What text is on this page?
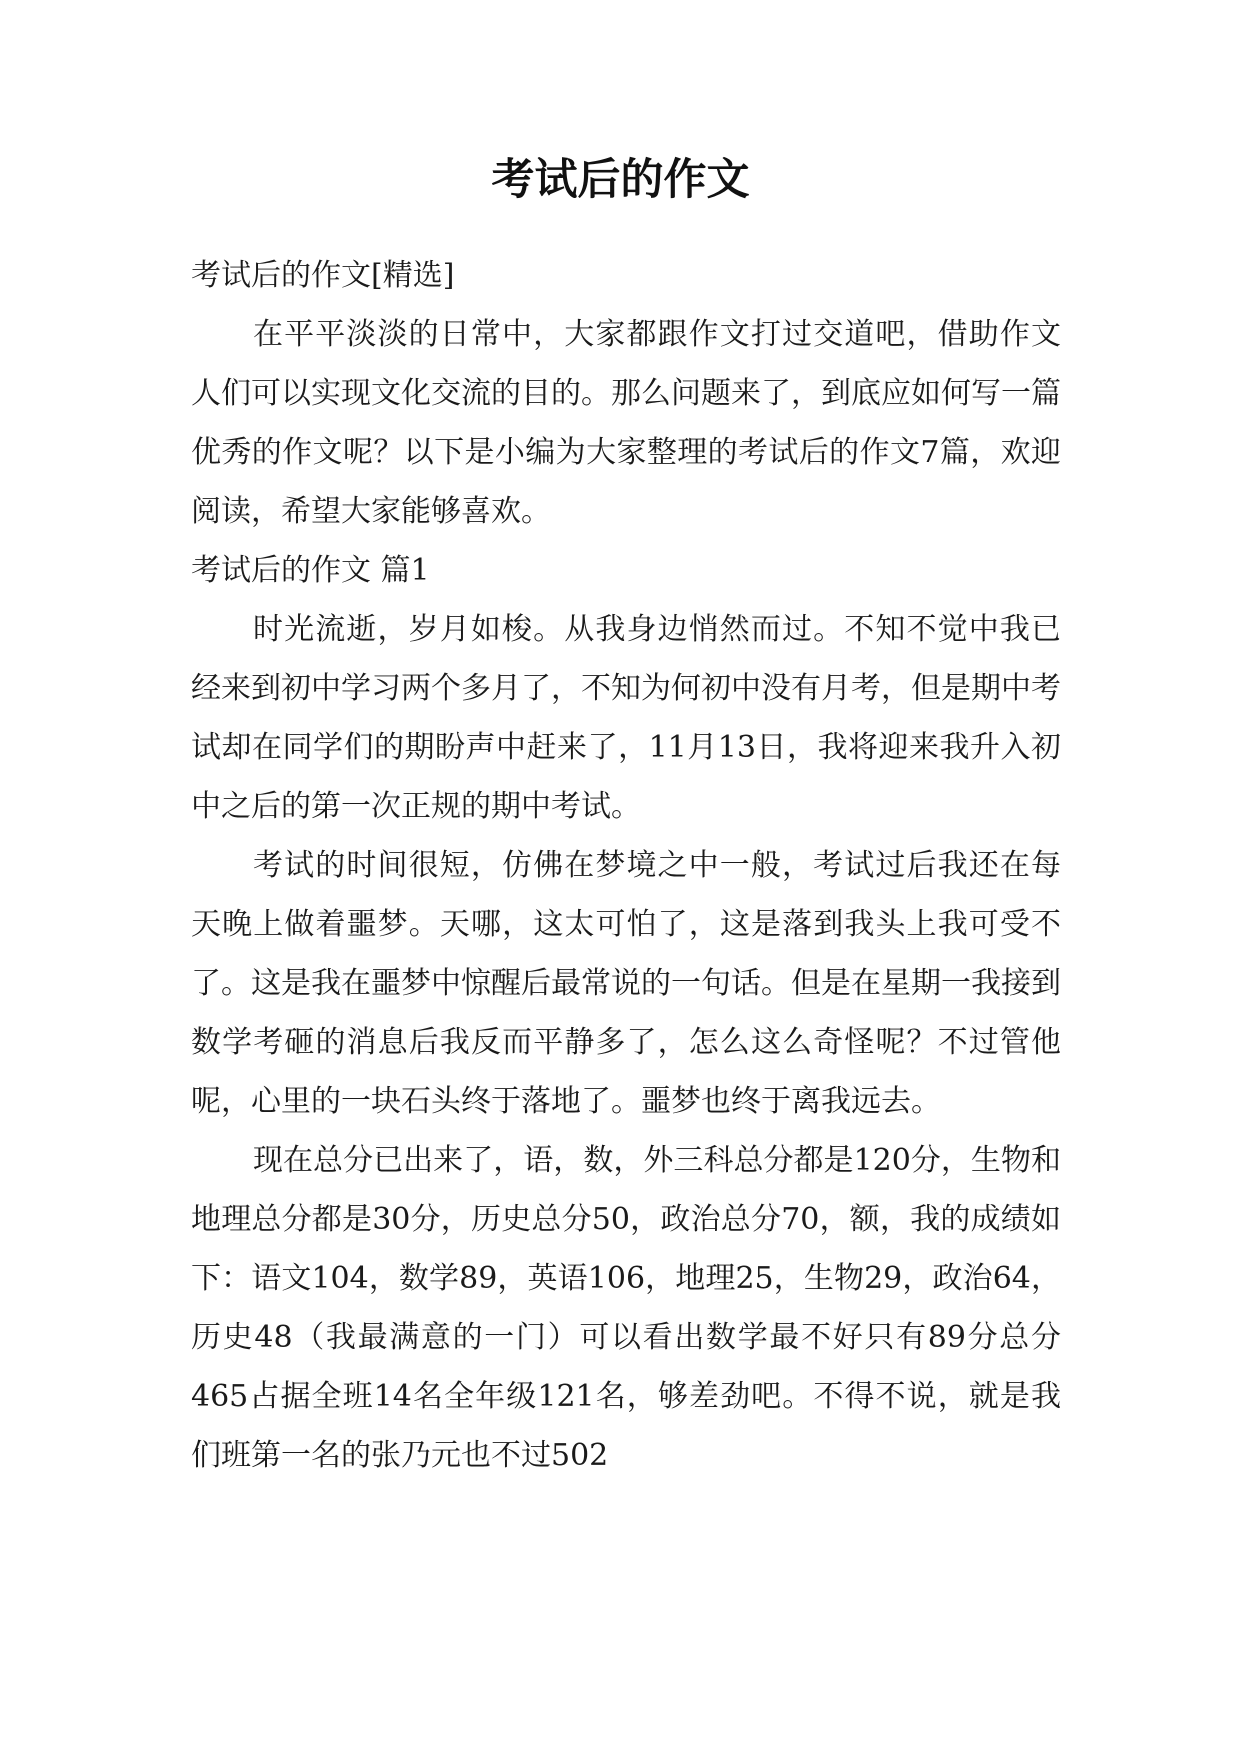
考试后的作文

考试后的作文[精选]

在平平淡淡的日常中，大家都跟作文打过交道吧，借助作文人们可以实现文化交流的目的。那么问题来了，到底应如何写一篇优秀的作文呢？以下是小编为大家整理的考试后的作文7篇，欢迎阅读，希望大家能够喜欢。

考试后的作文 篇1

时光流逝，岁月如梭。从我身边悄然而过。不知不觉中我已经来到初中学习两个多月了，不知为何初中没有月考，但是期中考试却在同学们的期盼声中赶来了，11月13日，我将迎来我升入初中之后的第一次正规的期中考试。

考试的时间很短，仿佛在梦境之中一般，考试过后我还在每天晚上做着噩梦。天哪，这太可怕了，这是落到我头上我可受不了。这是我在噩梦中惊醒后最常说的一句话。但是在星期一我接到数学考砸的消息后我反而平静多了，怎么这么奇怪呢？不过管他呢，心里的一块石头终于落地了。噩梦也终于离我远去。

现在总分已出来了，语，数，外三科总分都是120分，生物和地理总分都是30分，历史总分50，政治总分70，额，我的成绩如下：语文104，数学89，英语106，地理25，生物29，政治64，历史48（我最满意的一门）可以看出数学最不好只有89分总分465占据全班14名全年级121名，够差劲吧。不得不说，就是我们班第一名的张乃元也不过502
